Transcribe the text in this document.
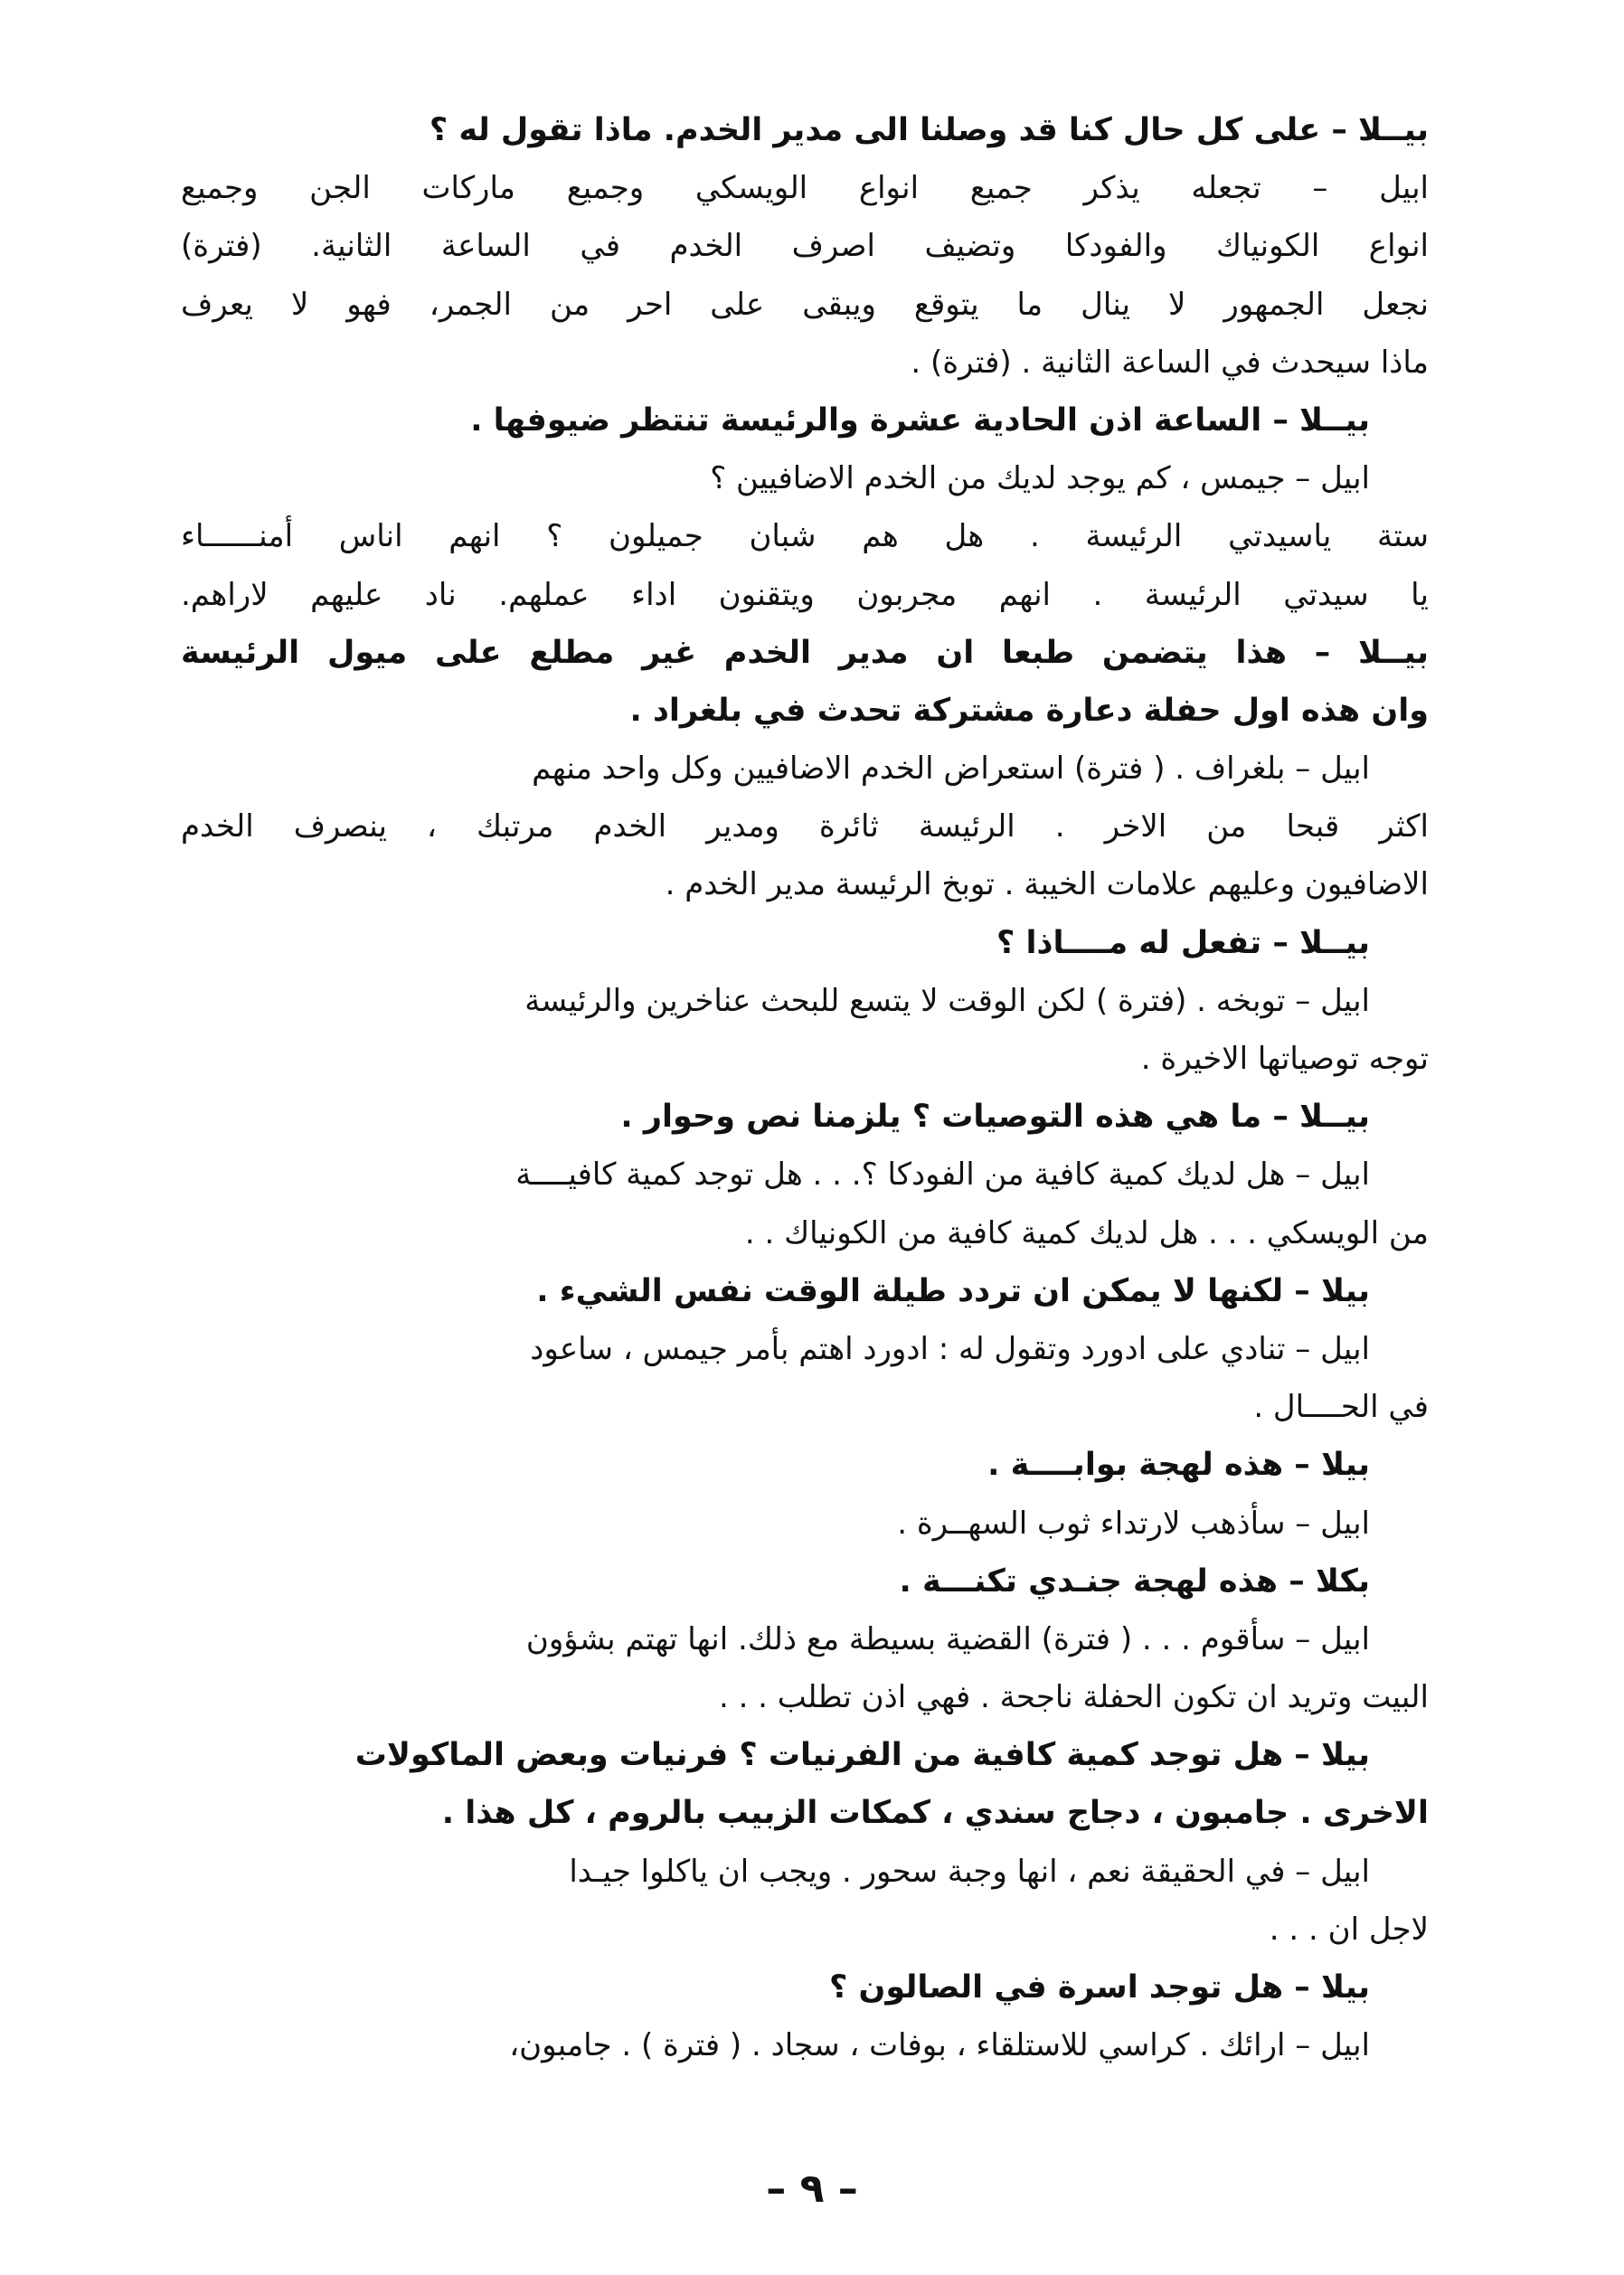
بيــلا – على كل حال كنا قد وصلنا الى مدير الخدم. ماذا تقول له ؟
ابيل – تجعله يذكر جميع انواع الويسكي وجميع ماركات الجن وجميع
انواع الكونياك والفودكا وتضيف اصرف الخدم في الساعة الثانية. (فترة)
نجعل الجمهور لا ينال ما يتوقع ويبقى على احر من الجمر، فهو لا يعرف
ماذا سيحدث في الساعة الثانية . (فترة) .
بيــلا – الساعة اذن الحادية عشرة والرئيسة تنتظر ضيوفها .
ابيل – جيمس ، كم يوجد لديك من الخدم الاضافيين ؟
ستة ياسيدتي الرئيسة . هل هم شبان جميلون ؟ انهم اناس أمنــــــاء
يا سيدتي الرئيسة . انهم مجربون ويتقنون اداء عملهم. ناد عليهم لاراهم.
بيــلا – هذا يتضمن طبعا ان مدير الخدم غير مطلع على ميول الرئيسة
وان هذه اول حفلة دعارة مشتركة تحدث في بلغراد .
ابيل – بلغراف . ( فترة) استعراض الخدم الاضافيين وكل واحد منهم
اكثر قبحا من الاخر . الرئيسة ثائرة ومدير الخدم مرتبك ، ينصرف الخدم
الاضافيون وعليهم علامات الخيبة . توبخ الرئيسة مدير الخدم .
بيــلا – تفعل له مــــاذا ؟
ابيل – توبخه . (فترة ) لكن الوقت لا يتسع للبحث عناخرين والرئيسة
توجه توصياتها الاخيرة .
بيــلا – ما هي هذه التوصيات ؟ يلزمنا نص وحوار .
ابيل – هل لديك كمية كافية من الفودكا ؟. . . هل توجد كمية كافيــــة
من الويسكي . . . هل لديك كمية كافية من الكونياك . .
بيلا – لكنها لا يمكن ان تردد طيلة الوقت نفس الشيء .
ابيل – تنادي على ادورد وتقول له : ادورد اهتم بأمر جيمس ، ساعود
في الحــــال .
بيلا – هذه لهجة بوابــــة .
ابيل – سأذهب لارتداء ثوب السهــرة .
بكلا – هذه لهجة جنـدي تكنـــة .
ابيل – سأقوم . . . ( فترة) القضية بسيطة مع ذلك. انها تهتم بشؤون
البيت وتريد ان تكون الحفلة ناجحة . فهي اذن تطلب . . .
بيلا – هل توجد كمية كافية من الفرنيات ؟ فرنيات وبعض الماكولات
الاخرى . جامبون ، دجاج سندي ، كمكات الزبيب بالروم ، كل هذا .
ابيل – في الحقيقة نعم ، انها وجبة سحور . ويجب ان ياكلوا جيـدا
لاجل ان . . .
بيلا – هل توجد اسرة في الصالون ؟
ابيل – ارائك . كراسي للاستلقاء ، بوفات ، سجاد . ( فترة ) . جامبون،
– ٩ –
